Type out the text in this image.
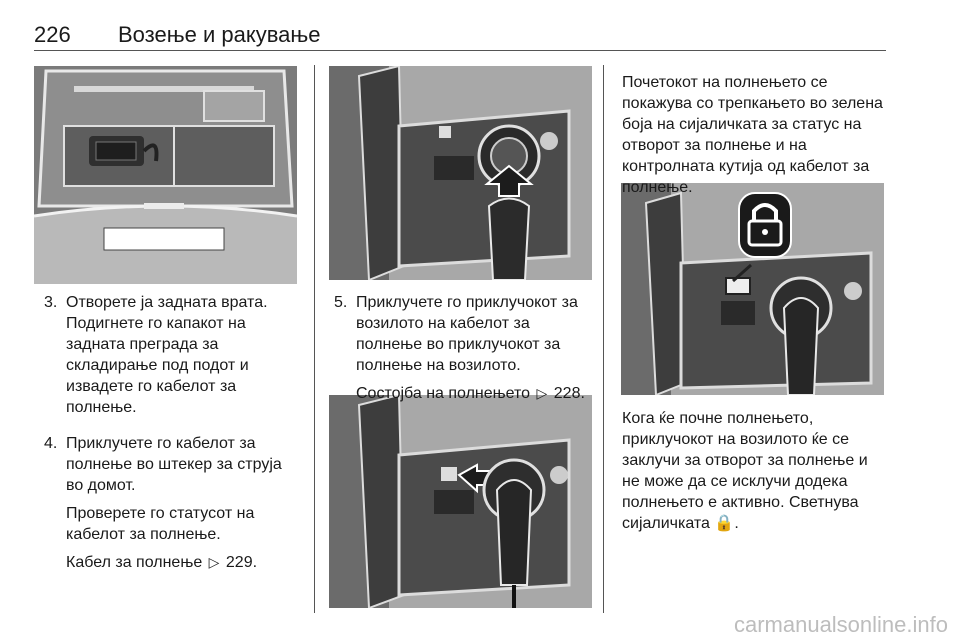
226 Возење и ракување
3. Отворете ја задната врата. Подигнете го капакот на задната преграда за складирање под подот и извадете го кабелот за полнење.

4. Приклучете го кабелот за полнење во штекер за струја во домот.

Проверете го статусот на кабелот за полнење.

Кабел за полнење ▷ 229.

5. Приклучете го приклучокот за возилото на кабелот за полнење во приклучокот за полнење на возилото.

Состојба на полнењето ▷ 228.

Почетокот на полнењето се покажува со трепкањето во зелена боја на сијаличката за статус на отворот за полнење и на контролната кутија од кабелот за полнење.

Кога ќе почне полнењето, приклучокот на возилото ќе се заклучи за отворот за полнење и не може да се исклучи додека полнењето е активно. Светнува сијаличката 🔒.

carmanualsonline.info
